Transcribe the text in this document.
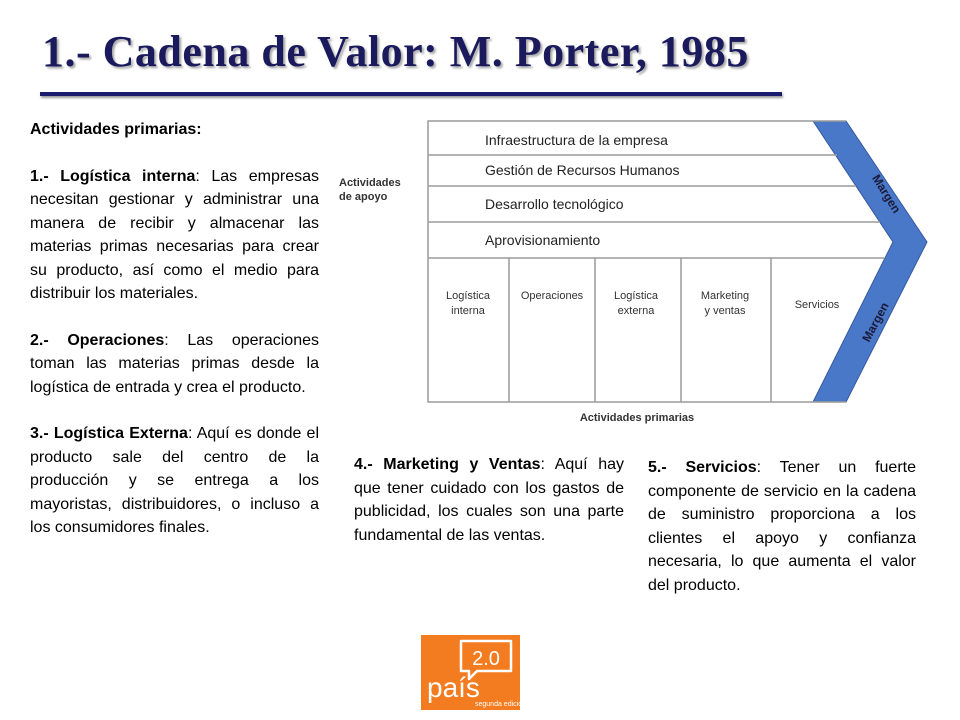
1.- Cadena de Valor: M. Porter, 1985

Actividades primarias:

1.- Logística interna: Las empresas necesitan gestionar y administrar una manera de recibir y almacenar las materias primas necesarias para crear su producto, así como el medio para distribuir los materiales.

2.- Operaciones: Las operaciones toman las materias primas desde la logística de entrada y crea el producto.

3.- Logística Externa: Aquí es donde el producto sale del centro de la producción y se entrega a los mayoristas, distribuidores, o incluso a los consumidores finales.

Actividades
de apoyo
Infraestructura de la empresa
Gestión de Recursos Humanos
Desarrollo tecnológico
Aprovisionamiento
Logística
interna
Operaciones	Logística
externa
Marketing
y ventas	Servicios
Margen
Margen
Actividades primarias

4.- Marketing y Ventas: Aquí hay que tener cuidado con los gastos de publicidad, los cuales son una parte fundamental de las ventas.

5.- Servicios: Tener un fuerte componente de servicio en la cadena de suministro proporciona a los clientes el apoyo y confianza necesaria, lo que aumenta el valor del producto.

2.0
país
segunda edición
